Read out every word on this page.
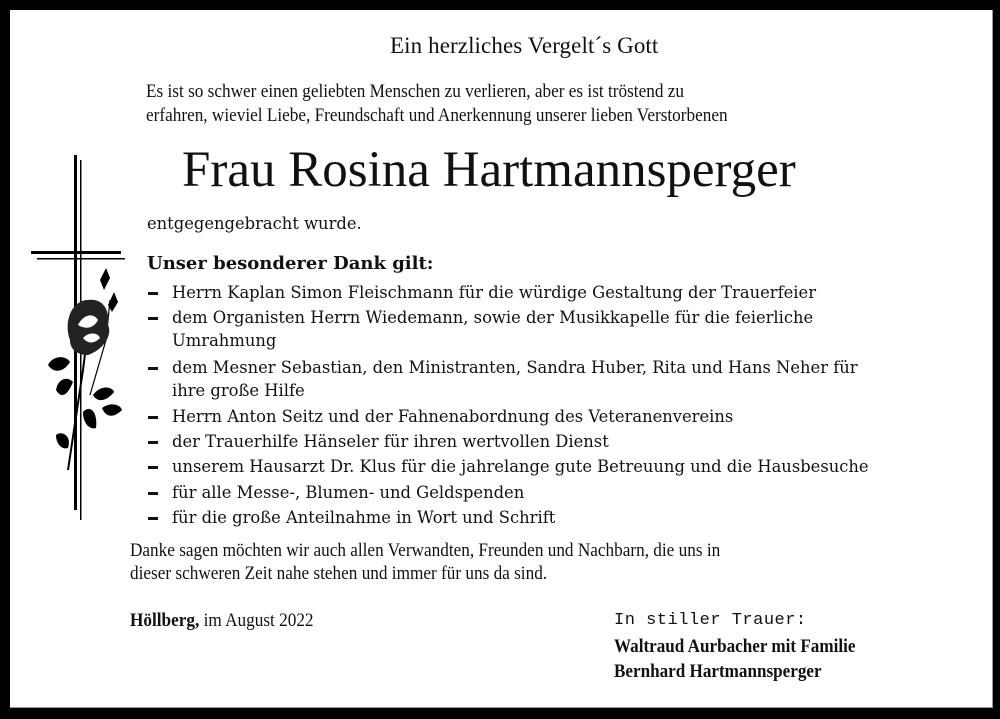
Ein herzliches Vergelt´s Gott
Es ist so schwer einen geliebten Menschen zu verlieren, aber es ist tröstend zu
erfahren, wieviel Liebe, Freundschaft und Anerkennung unserer lieben Verstorbenen
Frau Rosina Hartmannsperger
entgegengebracht wurde.
Unser besonderer Dank gilt:
Herrn Kaplan Simon Fleischmann für die würdige Gestaltung der Trauerfeier
dem Organisten Herrn Wiedemann, sowie der Musikkapelle für die feierliche
Umrahmung
dem Mesner Sebastian, den Ministranten, Sandra Huber, Rita und Hans Neher für
ihre große Hilfe
Herrn Anton Seitz und der Fahnenabordnung des Veteranenvereins
der Trauerhilfe Hänseler für ihren wertvollen Dienst
unserem Hausarzt Dr. Klus für die jahrelange gute Betreuung und die Hausbesuche
für alle Messe-, Blumen- und Geldspenden
für die große Anteilnahme in Wort und Schrift
Danke sagen möchten wir auch allen Verwandten, Freunden und Nachbarn, die uns in
dieser schweren Zeit nahe stehen und immer für uns da sind.
Höllberg, im August 2022	In stiller Trauer:
Waltraud Aurbacher mit Familie
Bernhard Hartmannsperger
